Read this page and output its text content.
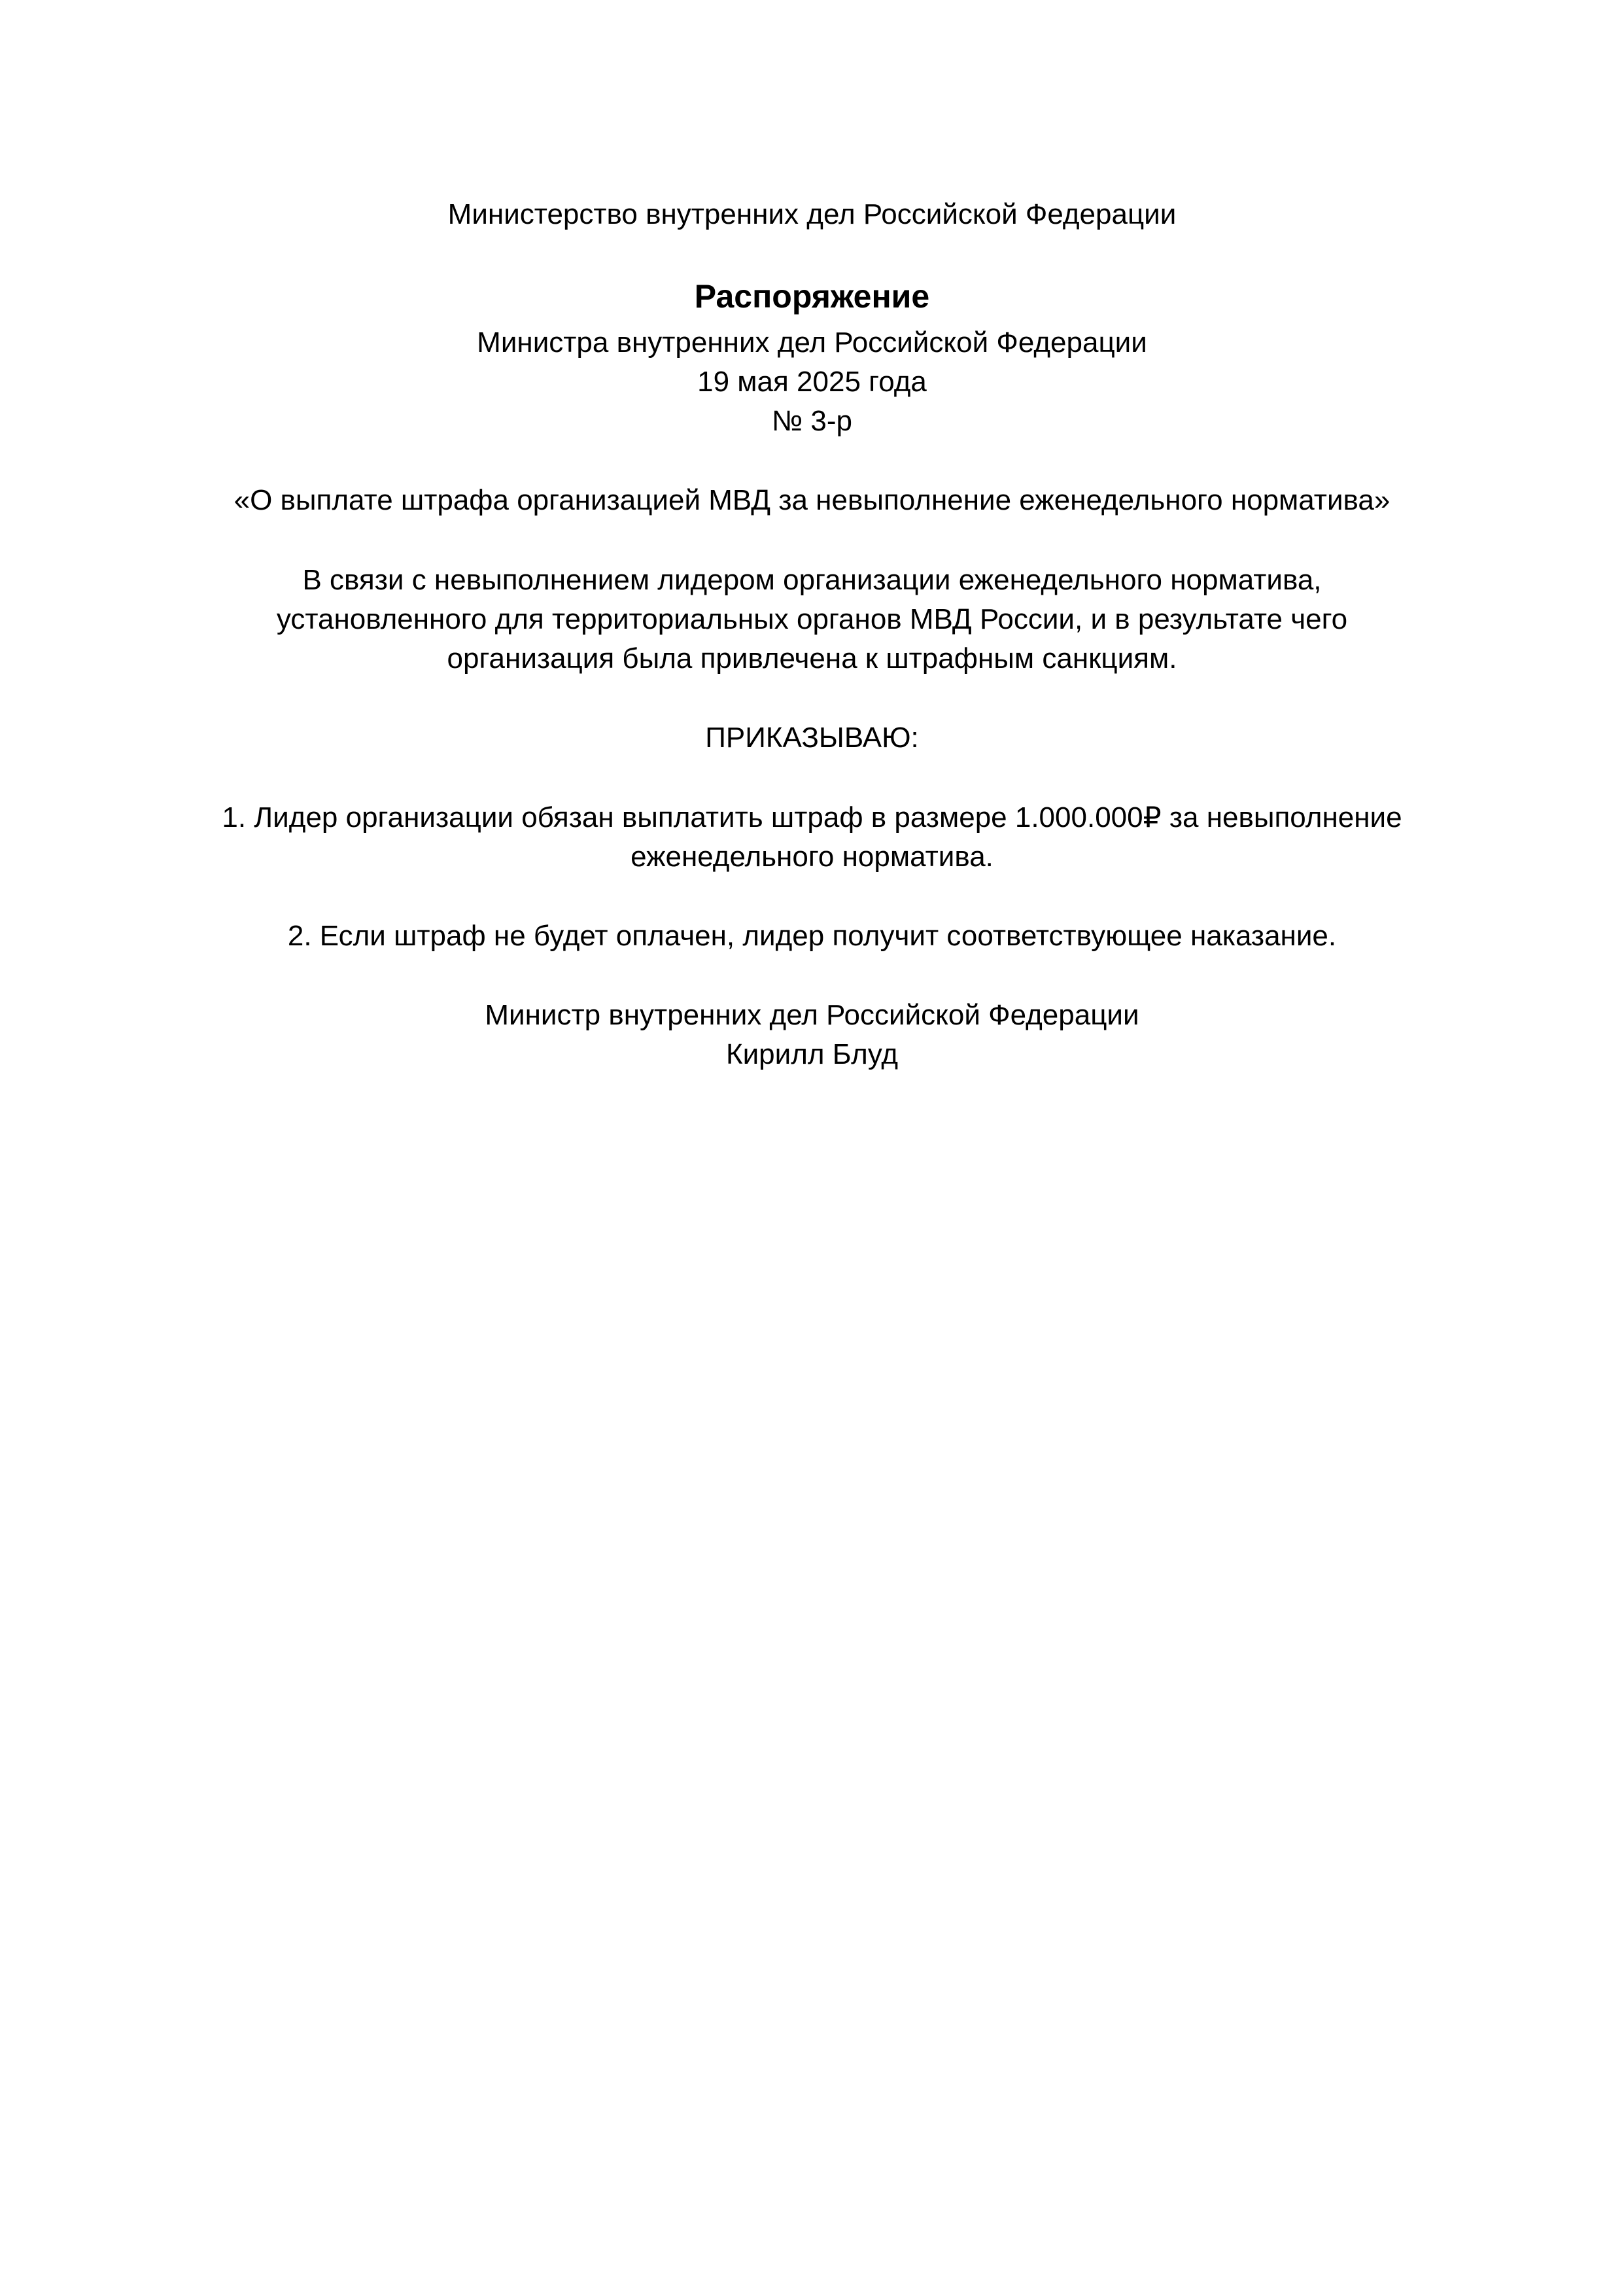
Министерство внутренних дел Российской Федерации
Распоряжение
Министра внутренних дел Российской Федерации
19 мая 2025 года
№ 3-р
«О выплате штрафа организацией МВД за невыполнение еженедельного норматива»
В связи с невыполнением лидером организации еженедельного норматива,
установленного для территориальных органов МВД России, и в результате чего
организация была привлечена к штрафным санкциям.
ПРИКАЗЫВАЮ:
1. Лидер организации обязан выплатить штраф в размере 1.000.000₽ за невыполнение
еженедельного норматива.
2. Если штраф не будет оплачен, лидер получит соответствующее наказание.
Министр внутренних дел Российской Федерации
Кирилл Блуд
